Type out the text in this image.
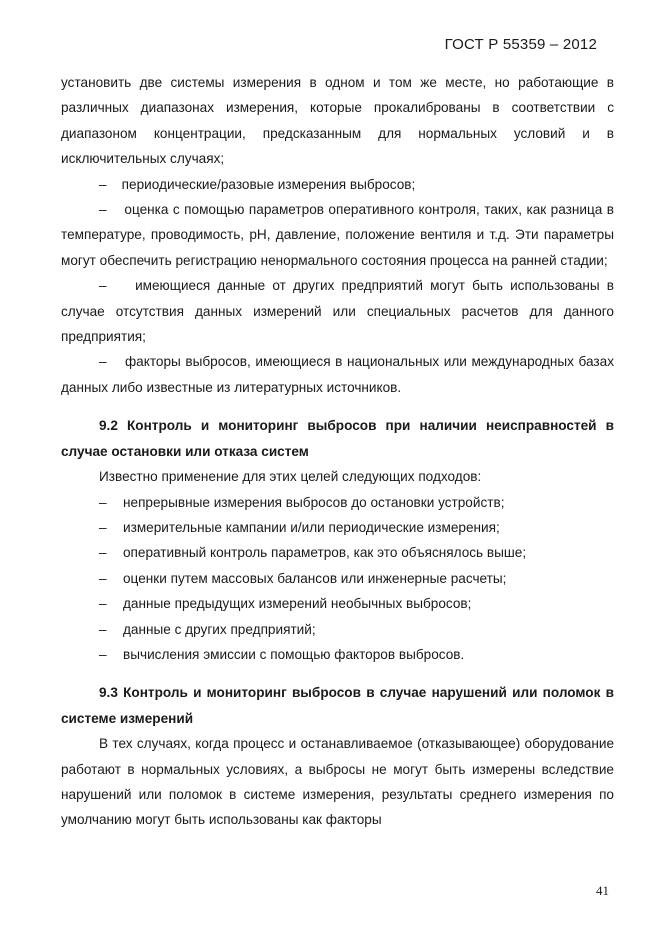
ГОСТ Р 55359 – 2012

установить две системы измерения в одном и том же месте, но работающие в различных диапазонах измерения, которые прокалиброваны в соответствии с диапазоном концентрации, предсказанным для нормальных условий и в исключительных случаях;

– периодические/разовые измерения выбросов;

– оценка с помощью параметров оперативного контроля, таких, как разница в температуре, проводимость, pH, давление, положение вентиля и т.д. Эти параметры могут обеспечить регистрацию ненормального состояния процесса на ранней стадии;

– имеющиеся данные от других предприятий могут быть использованы в случае отсутствия данных измерений или специальных расчетов для данного предприятия;

– факторы выбросов, имеющиеся в национальных или международных базах данных либо известные из литературных источников.

9.2 Контроль и мониторинг выбросов при наличии неисправностей в случае остановки или отказа систем

Известно применение для этих целей следующих подходов:

– непрерывные измерения выбросов до остановки устройств;
– измерительные кампании и/или периодические измерения;
– оперативный контроль параметров, как это объяснялось выше;
– оценки путем массовых балансов или инженерные расчеты;
– данные предыдущих измерений необычных выбросов;
– данные с других предприятий;
– вычисления эмиссии с помощью факторов выбросов.

9.3 Контроль и мониторинг выбросов в случае нарушений или поломок в системе измерений

В тех случаях, когда процесс и останавливаемое (отказывающее) оборудование работают в нормальных условиях, а выбросы не могут быть измерены вследствие нарушений или поломок в системе измерения, результаты среднего измерения по умолчанию могут быть использованы как факторы

41
